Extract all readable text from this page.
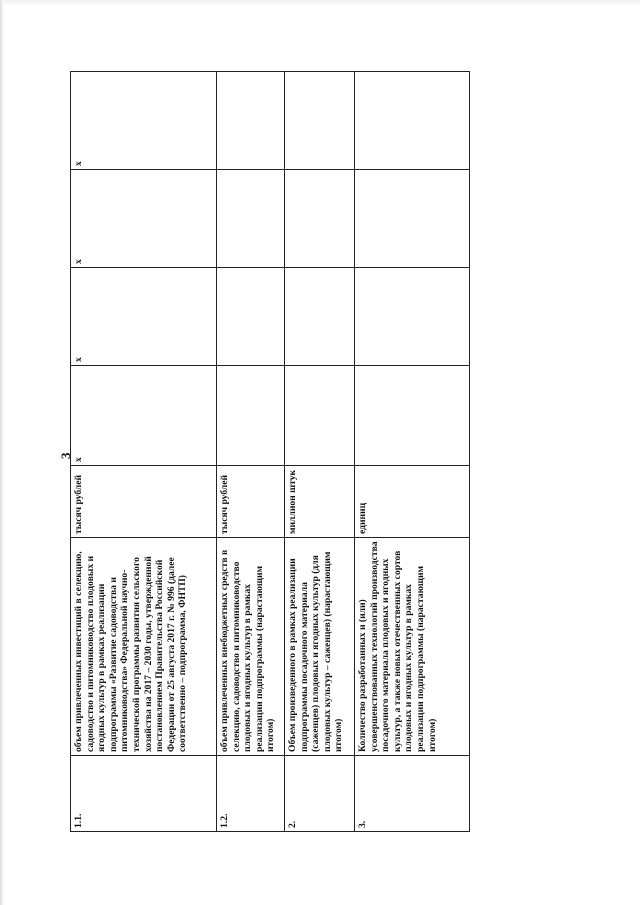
3
1.1.	объем привлеченных инвестиций в селекцию, садоводство и питомниководство плодовых и ягодных культур в рамках реализации подпрограммы «Развитие садоводства и питомниководства» Федеральной научно-технической программы развития сельского хозяйства на 2017 – 2030 годы, утвержденной постановлением Правительства Российской Федерации от 25 августа 2017 г. № 996 (далее соответственно – подпрограмма, ФНТП)	тысяч рублей	х	х	х	х
1.2.	объем привлеченных внебюджетных средств в селекцию, садоводство и питомниководство плодовых и ягодных культур в рамках реализации подпрограммы (нарастающим итогом)	тысяч рублей				
2.	Объем произведенного в рамках реализации подпрограммы посадочного материала (саженцев) плодовых и ягодных культур (для плодовых культур – саженцев) (нарастающим итогом)	миллион штук				
3.	Количество разработанных и (или) усовершенствованных технологий производства посадочного материала плодовых и ягодных культур, а также новых отечественных сортов плодовых и ягодных культур в рамках реализации подпрограммы (нарастающим итогом)	единиц				
